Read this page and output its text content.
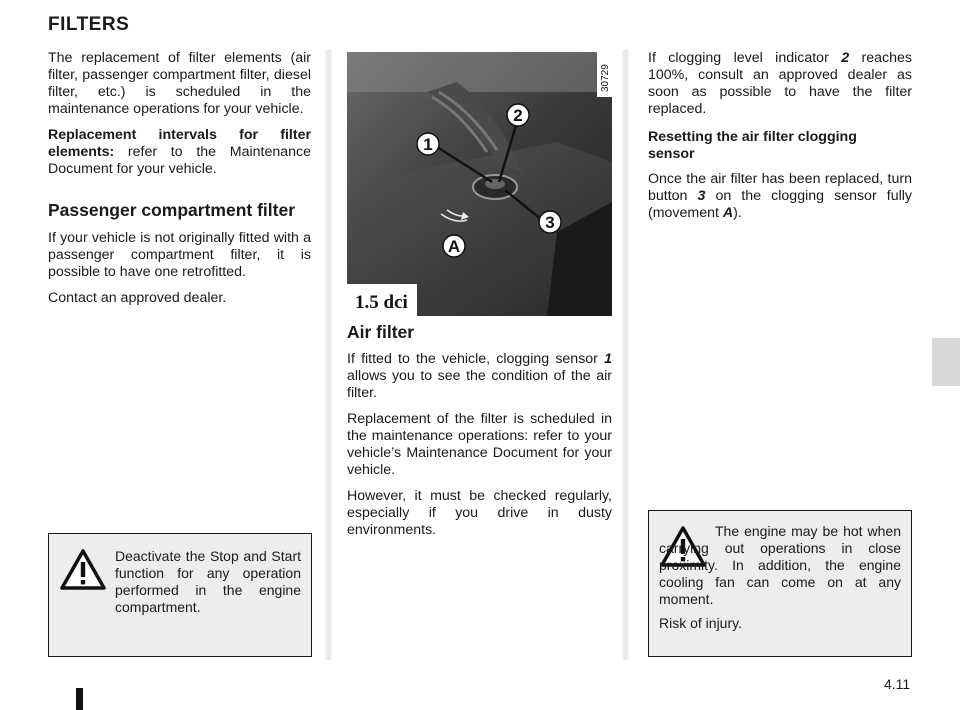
FILTERS

The replacement of filter elements (air filter, passenger compartment filter, diesel filter, etc.) is scheduled in the maintenance operations for your vehicle.

Replacement intervals for filter elements: refer to the Maintenance Document for your vehicle.

Passenger compartment filter

If your vehicle is not originally fitted with a passenger compartment filter, it is possible to have one retrofitted.

Contact an approved dealer.

Deactivate the Stop and Start function for any operation performed in the engine compartment.

1
2
3
A
1.5 dci
30729

Air filter

If fitted to the vehicle, clogging sensor 1 allows you to see the condition of the air filter.

Replacement of the filter is scheduled in the maintenance operations: refer to your vehicle’s Maintenance Document for your vehicle.

However, it must be checked regularly, especially if you drive in dusty environments.

If clogging level indicator 2 reaches 100%, consult an approved dealer as soon as possible to have the filter replaced.

Resetting the air filter clogging sensor

Once the air filter has been replaced, turn button 3 on the clogging sensor fully (movement A).

The engine may be hot when carrying out operations in close proximity. In addition, the engine cooling fan can come on at any moment.

Risk of injury.

4.11
